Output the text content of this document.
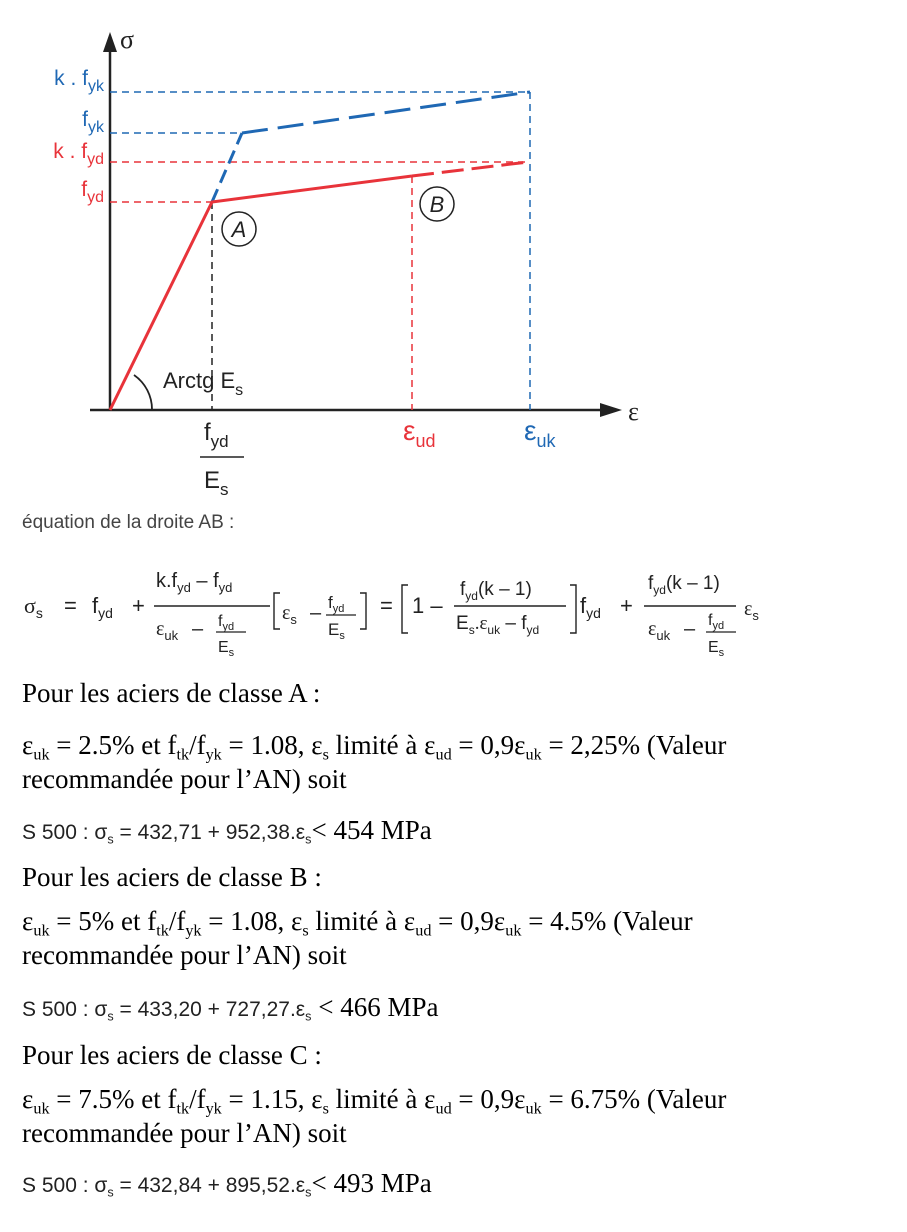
σ
ε
A
B
k . $f_{yk}$
$f_{yk}$
k . $f_{yd}$
$f_{yd}$
Arctg $E_s$
$f_{yd}$
$E_s$
$\varepsilon_{ud}$	$\varepsilon_{uk}$
équation de la droite AB :
$\sigma_s = f_{yd}$ +
$k.f_{yd} - f_{yd}$
$\varepsilon_{uk} - f_{yd}$
$E_s$
$\varepsilon_s - f_{yd}$
$E_s$
= 1 –
$f_{yd}(k - 1)$
$E_s.\varepsilon_{uk} - f_{yd}$
$f_{yd}$ +
$f_{yd}(k - 1)$
$\varepsilon_{uk} - f_{yd}$
$E_s$
$\varepsilon_s$
Pour les aciers de classe A :
$\varepsilon_{uk} = 2.5\%$ et $f_{tk}/f_{yk} = 1.08$, $\varepsilon_s$ limité à $\varepsilon_{ud} = 0,9\varepsilon_{uk} = 2,25\%$ (Valeur
recommandée pour l’AN) soit
S 500 : $\sigma_s = 432,71 + 952,38.\varepsilon_s< 454$ MPa
Pour les aciers de classe B :
$\varepsilon_{uk} = 5\%$ et $f_{tk}/f_{yk} = 1.08$, $\varepsilon_s$ limité à $\varepsilon_{ud} = 0,9\varepsilon_{uk} = 4.5\%$ (Valeur
recommandée pour l’AN) soit
S 500 : $\sigma_s = 433,20 + 727,27.\varepsilon_s < 466$ MPa
Pour les aciers de classe C :
$\varepsilon_{uk} = 7.5\%$ et $f_{tk}/f_{yk} = 1.15$, $\varepsilon_s$ limité à $\varepsilon_{ud} = 0,9\varepsilon_{uk} = 6.75\%$ (Valeur
recommandée pour l’AN) soit
S 500 : $\sigma_s = 432,84 + 895,52.\varepsilon_s< 493$ MPa
